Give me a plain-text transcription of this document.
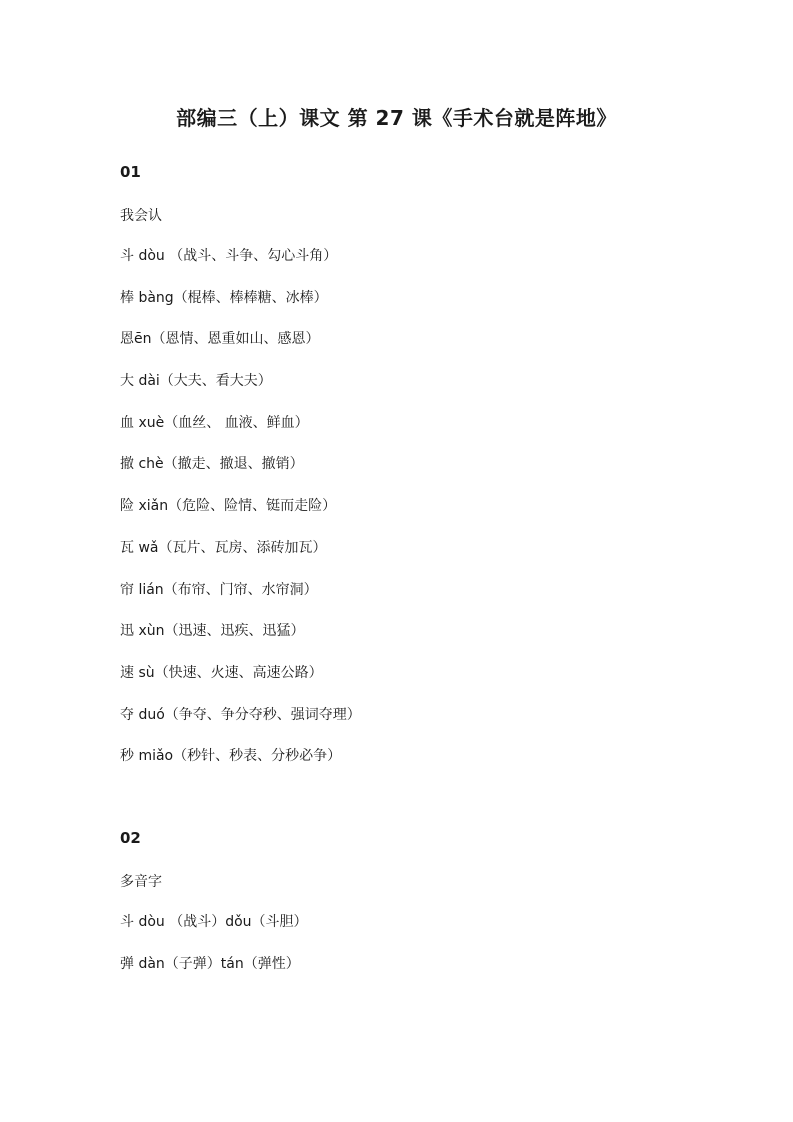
部编三（上）课文 第 27 课《手术台就是阵地》
01
我会认
斗 dòu （战斗、斗争、勾心斗角）
棒 bàng（棍棒、棒棒糖、冰棒）
恩ēn（恩情、恩重如山、感恩）
大 dài（大夫、看大夫）
血 xuè（血丝、 血液、鲜血）
撤 chè（撤走、撤退、撤销）
险 xiǎn（危险、险情、铤而走险）
瓦 wǎ（瓦片、瓦房、添砖加瓦）
帘 lián（布帘、门帘、水帘洞）
迅 xùn（迅速、迅疾、迅猛）
速 sù（快速、火速、高速公路）
夺 duó（争夺、争分夺秒、强词夺理）
秒 miǎo（秒针、秒表、分秒必争）
02
多音字
斗 dòu （战斗）dǒu（斗胆）
弹 dàn（子弹）tán（弹性）
